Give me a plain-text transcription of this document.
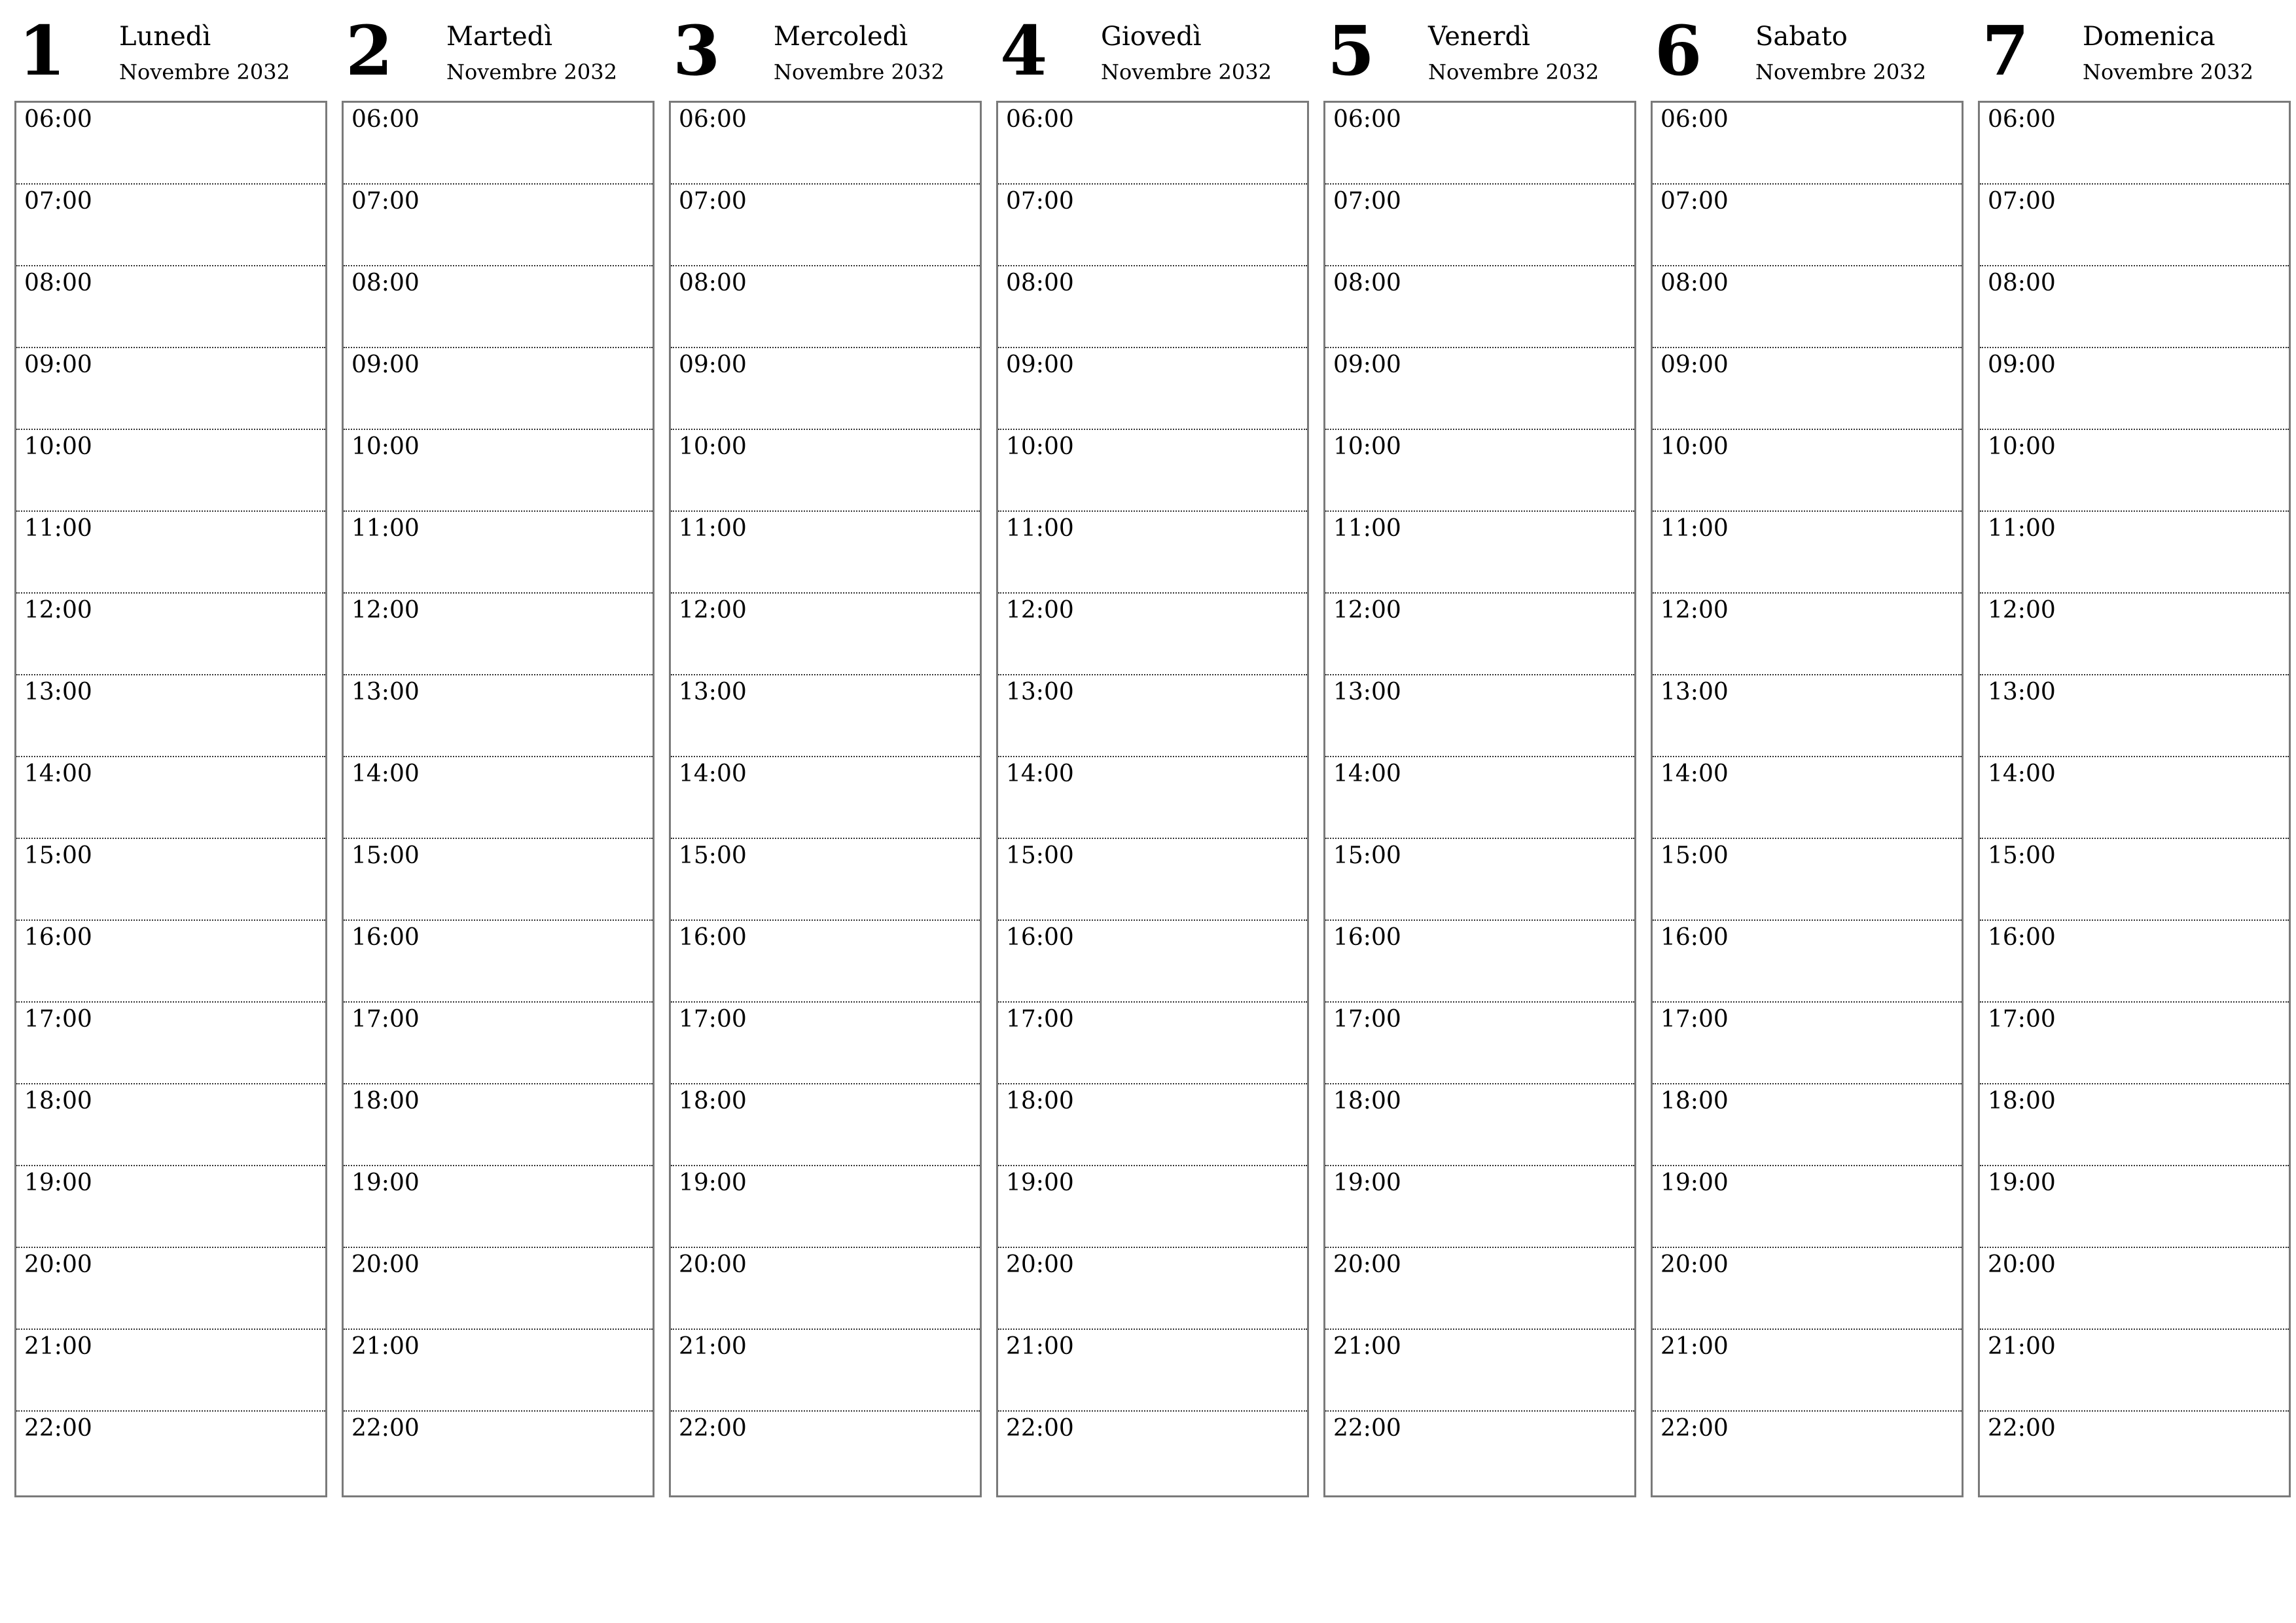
1 Lunedì
Novembre 2032
06:00
07:00
08:00
09:00
10:00
11:00
12:00
13:00
14:00
15:00
16:00
17:00
18:00
19:00
20:00
21:00
22:00
2 Martedì
Novembre 2032
06:00
07:00
08:00
09:00
10:00
11:00
12:00
13:00
14:00
15:00
16:00
17:00
18:00
19:00
20:00
21:00
22:00
3 Mercoledì
Novembre 2032
06:00
07:00
08:00
09:00
10:00
11:00
12:00
13:00
14:00
15:00
16:00
17:00
18:00
19:00
20:00
21:00
22:00
4 Giovedì
Novembre 2032
06:00
07:00
08:00
09:00
10:00
11:00
12:00
13:00
14:00
15:00
16:00
17:00
18:00
19:00
20:00
21:00
22:00
5 Venerdì
Novembre 2032
06:00
07:00
08:00
09:00
10:00
11:00
12:00
13:00
14:00
15:00
16:00
17:00
18:00
19:00
20:00
21:00
22:00
6 Sabato
Novembre 2032
06:00
07:00
08:00
09:00
10:00
11:00
12:00
13:00
14:00
15:00
16:00
17:00
18:00
19:00
20:00
21:00
22:00
7 Domenica
Novembre 2032
06:00
07:00
08:00
09:00
10:00
11:00
12:00
13:00
14:00
15:00
16:00
17:00
18:00
19:00
20:00
21:00
22:00
